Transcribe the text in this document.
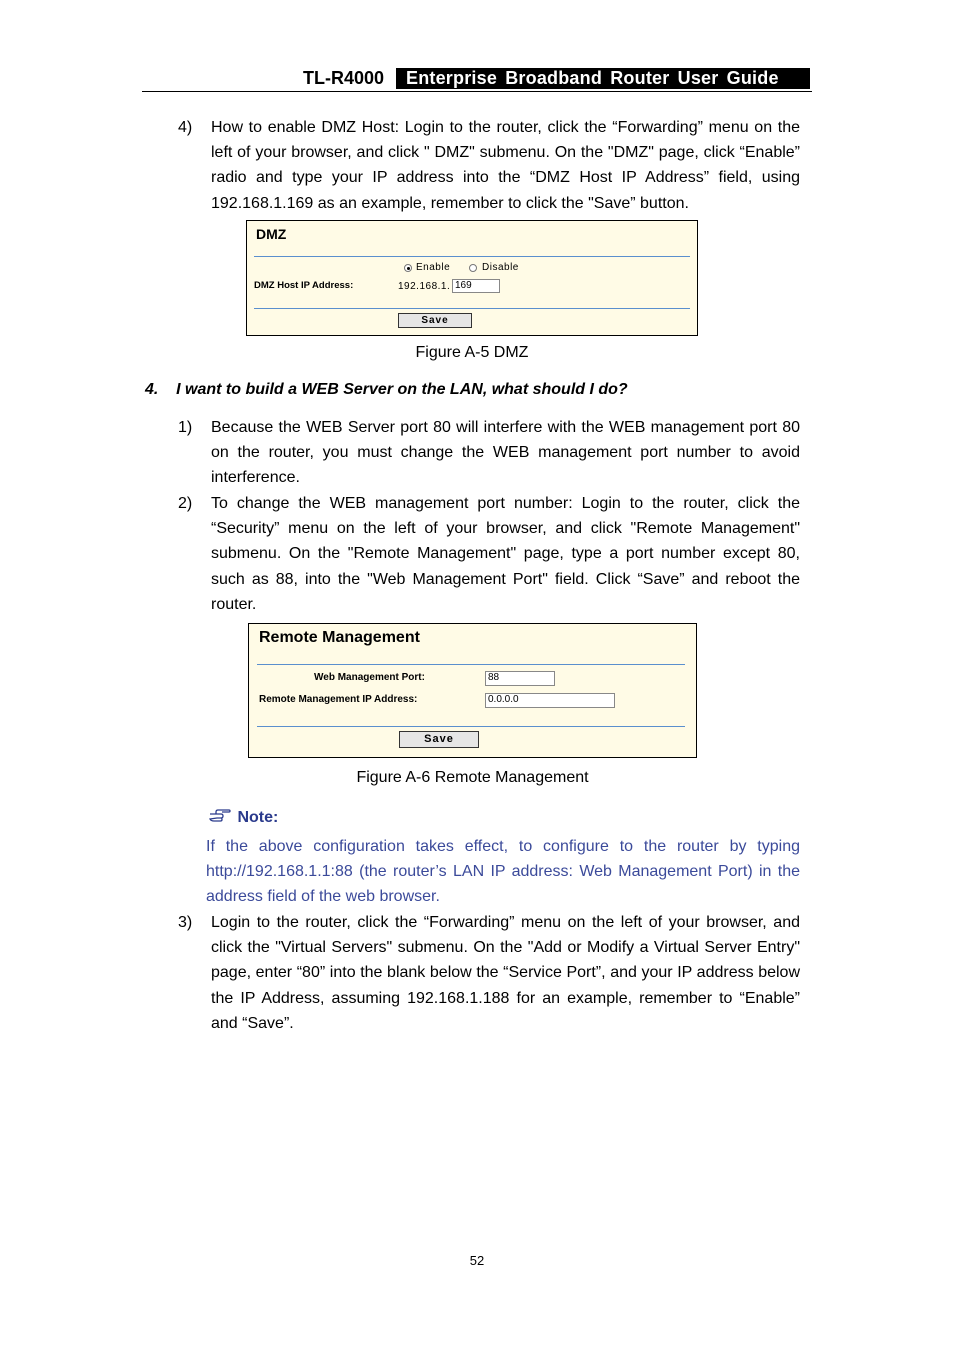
TL-R4000	Enterprise Broadband Router User Guide
4) How to enable DMZ Host: Login to the router, click the “Forwarding” menu on the left of your browser, and click " DMZ" submenu. On the "DMZ" page, click “Enable” radio and type your IP address into the “DMZ Host IP Address” field, using 192.168.1.169 as an example, remember to click the "Save” button.
DMZ
Enable	Disable
DMZ Host IP Address:	192.168.1. 169
Save
Figure A-5 DMZ
4.    I want to build a WEB Server on the LAN, what should I do?
1) Because the WEB Server port 80 will interfere with the WEB management port 80 on the router, you must change the WEB management port number to avoid interference.
2) To change the WEB management port number: Login to the router, click the “Security” menu on the left of your browser, and click "Remote Management" submenu. On the "Remote Management" page, type a port number except 80, such as 88, into the "Web Management Port" field. Click “Save” and reboot the router.
Remote Management
Web Management Port:	88
Remote Management IP Address:	0.0.0.0
Save
Figure A-6 Remote Management
Note:
If the above configuration takes effect, to configure to the router by typing http://192.168.1.1:88 (the router’s LAN IP address: Web Management Port) in the address field of the web browser.
3) Login to the router, click the “Forwarding” menu on the left of your browser, and click the "Virtual Servers" submenu. On the "Add or Modify a Virtual Server Entry" page, enter “80” into the blank below the “Service Port”, and your IP address below the IP Address, assuming 192.168.1.188 for an example, remember to “Enable” and “Save”.
52
